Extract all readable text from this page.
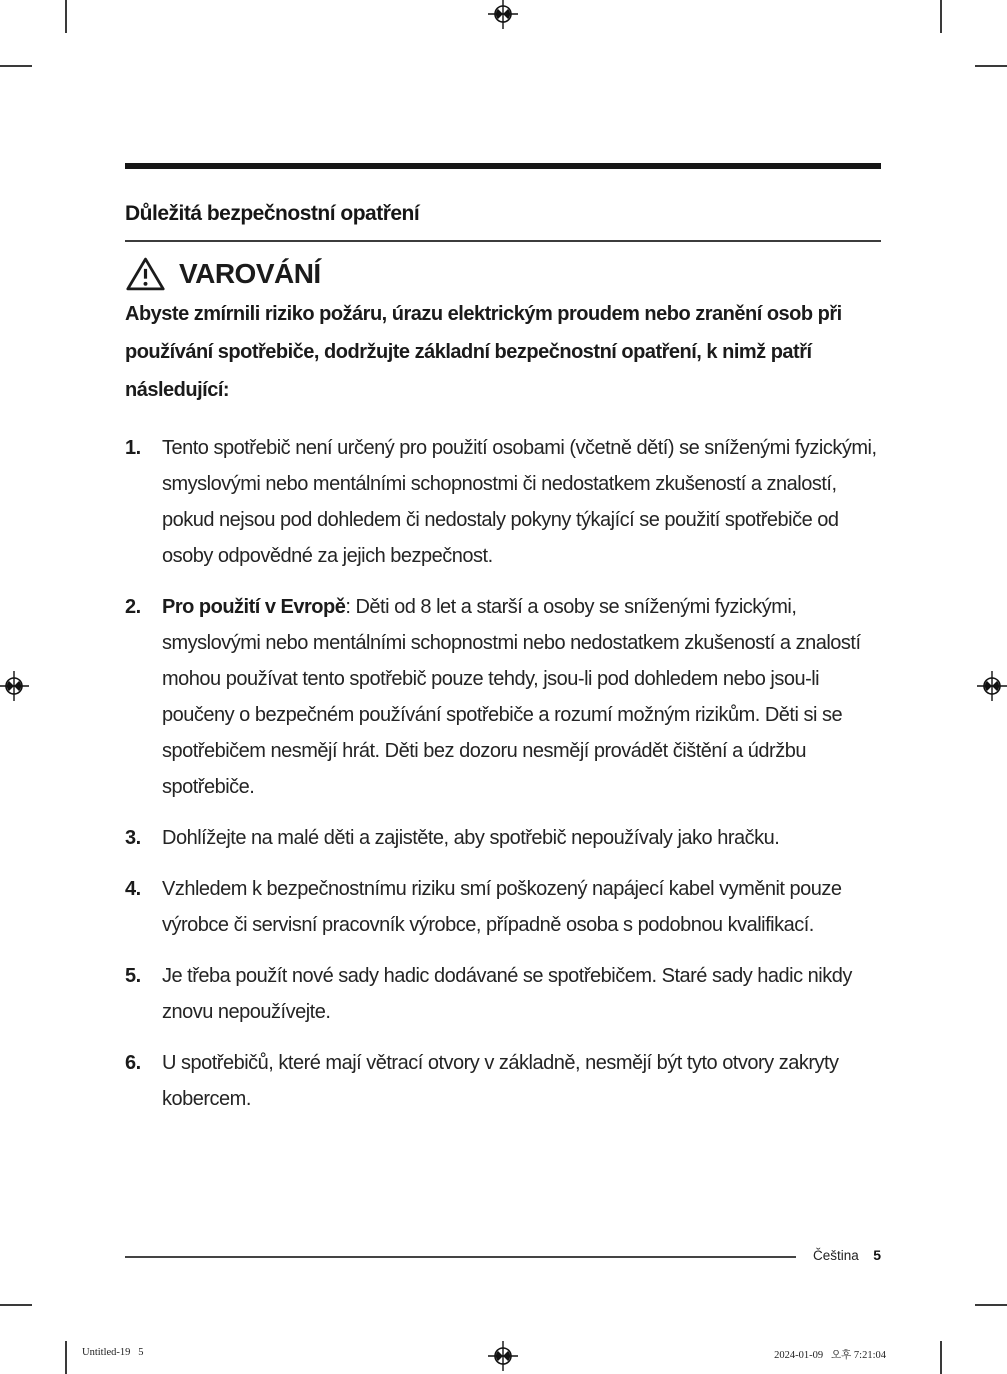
Důležitá bezpečnostní opatření
VAROVÁNÍ

Abyste zmírnili riziko požáru, úrazu elektrickým proudem nebo zranění osob při používání spotřebiče, dodržujte základní bezpečnostní opatření, k nimž patří následující:

1.	Tento spotřebič není určený pro použití osobami (včetně dětí) se sníženými fyzickými, smyslovými nebo mentálními schopnostmi či nedostatkem zkušeností a znalostí, pokud nejsou pod dohledem či nedostaly pokyny týkající se použití spotřebiče od osoby odpovědné za jejich bezpečnost.
2.	Pro použití v Evropě: Děti od 8 let a starší a osoby se sníženými fyzickými, smyslovými nebo mentálními schopnostmi nebo nedostatkem zkušeností a znalostí mohou používat tento spotřebič pouze tehdy, jsou-li pod dohledem nebo jsou-li poučeny o bezpečném používání spotřebiče a rozumí možným rizikům. Děti si se spotřebičem nesmějí hrát. Děti bez dozoru nesmějí provádět čištění a údržbu spotřebiče.
3.	Dohlížejte na malé děti a zajistěte, aby spotřebič nepoužívaly jako hračku.
4.	Vzhledem k bezpečnostnímu riziku smí poškozený napájecí kabel vyměnit pouze výrobce či servisní pracovník výrobce, případně osoba s podobnou kvalifikací.
5.	Je třeba použít nové sady hadic dodávané se spotřebičem. Staré sady hadic nikdy znovu nepoužívejte.
6.	U spotřebičů, které mají větrací otvory v základně, nesmějí být tyto otvory zakryty kobercem.
Čeština 5
Untitled-19   5	2024-01-09   오후 7:21:04
